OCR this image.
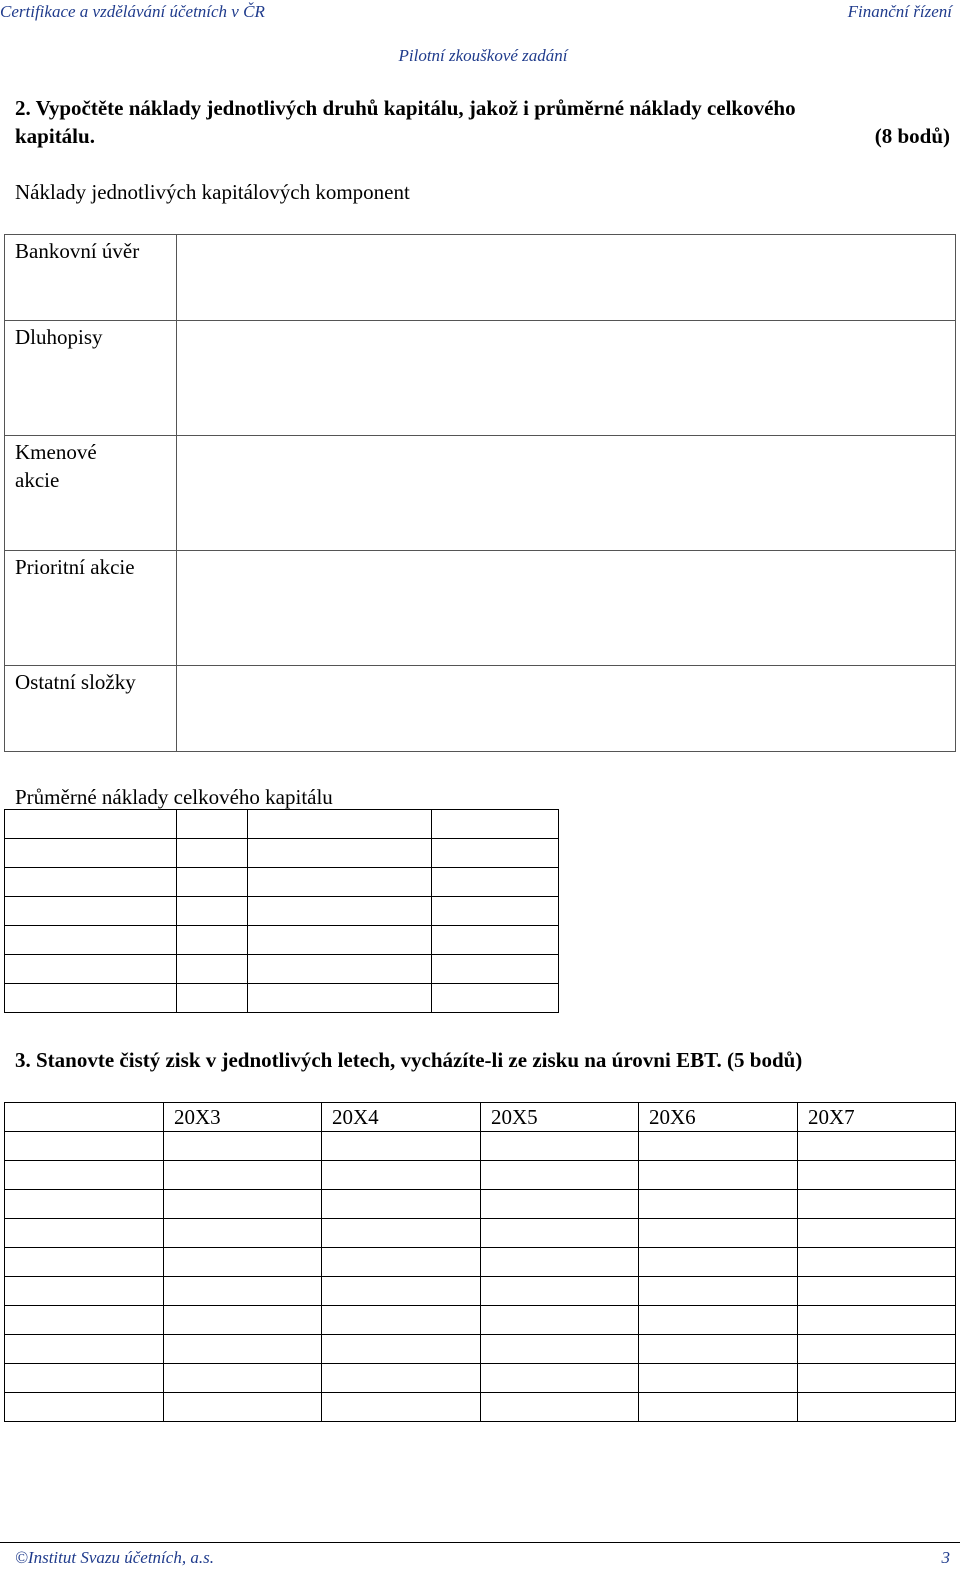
Certifikace a vzdělávání účetních v ČR	Finanční řízení
Pilotní zkouškové zadání
2. Vypočtěte náklady jednotlivých druhů kapitálu, jakož i průměrné náklady celkového
kapitálu.	(8 bodů)
Náklady jednotlivých kapitálových komponent
Bankovní úvěr	
Dluhopisy	
Kmenové akcie	
Prioritní akcie	
Ostatní složky	
Průměrné náklady celkového kapitálu

3. Stanovte čistý zisk v jednotlivých letech, vycházíte-li ze zisku na úrovni EBT. (5 bodů)
	20X3	20X4	20X5	20X6	20X7

©Institut Svazu účetních, a.s.	3
